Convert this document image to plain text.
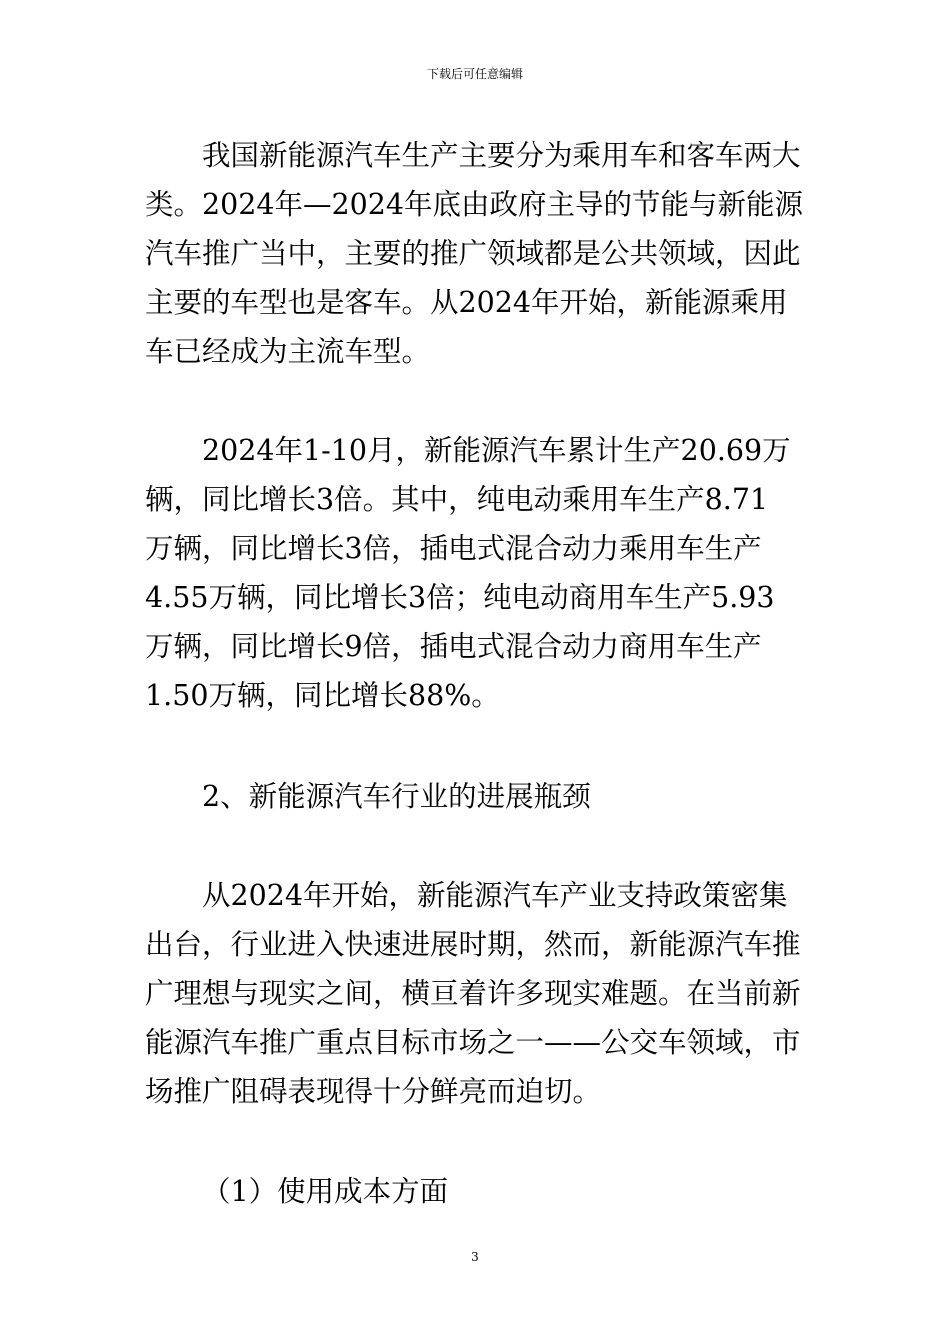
下载后可任意编辑
我国新能源汽车生产主要分为乘用车和客车两大
类。2024年—2024年底由政府主导的节能与新能源
汽车推广当中，主要的推广领域都是公共领域，因此
主要的车型也是客车。从2024年开始，新能源乘用
车已经成为主流车型。
2024年1-10月，新能源汽车累计生产20.69万
辆，同比增长3倍。其中，纯电动乘用车生产8.71
万辆，同比增长3倍，插电式混合动力乘用车生产
4.55万辆，同比增长3倍；纯电动商用车生产5.93
万辆，同比增长9倍，插电式混合动力商用车生产
1.50万辆，同比增长88%。
2、新能源汽车行业的进展瓶颈
从2024年开始，新能源汽车产业支持政策密集
出台，行业进入快速进展时期，然而，新能源汽车推
广理想与现实之间，横亘着许多现实难题。在当前新
能源汽车推广重点目标市场之一——公交车领域，市
场推广阻碍表现得十分鲜亮而迫切。
（1）使用成本方面
3
